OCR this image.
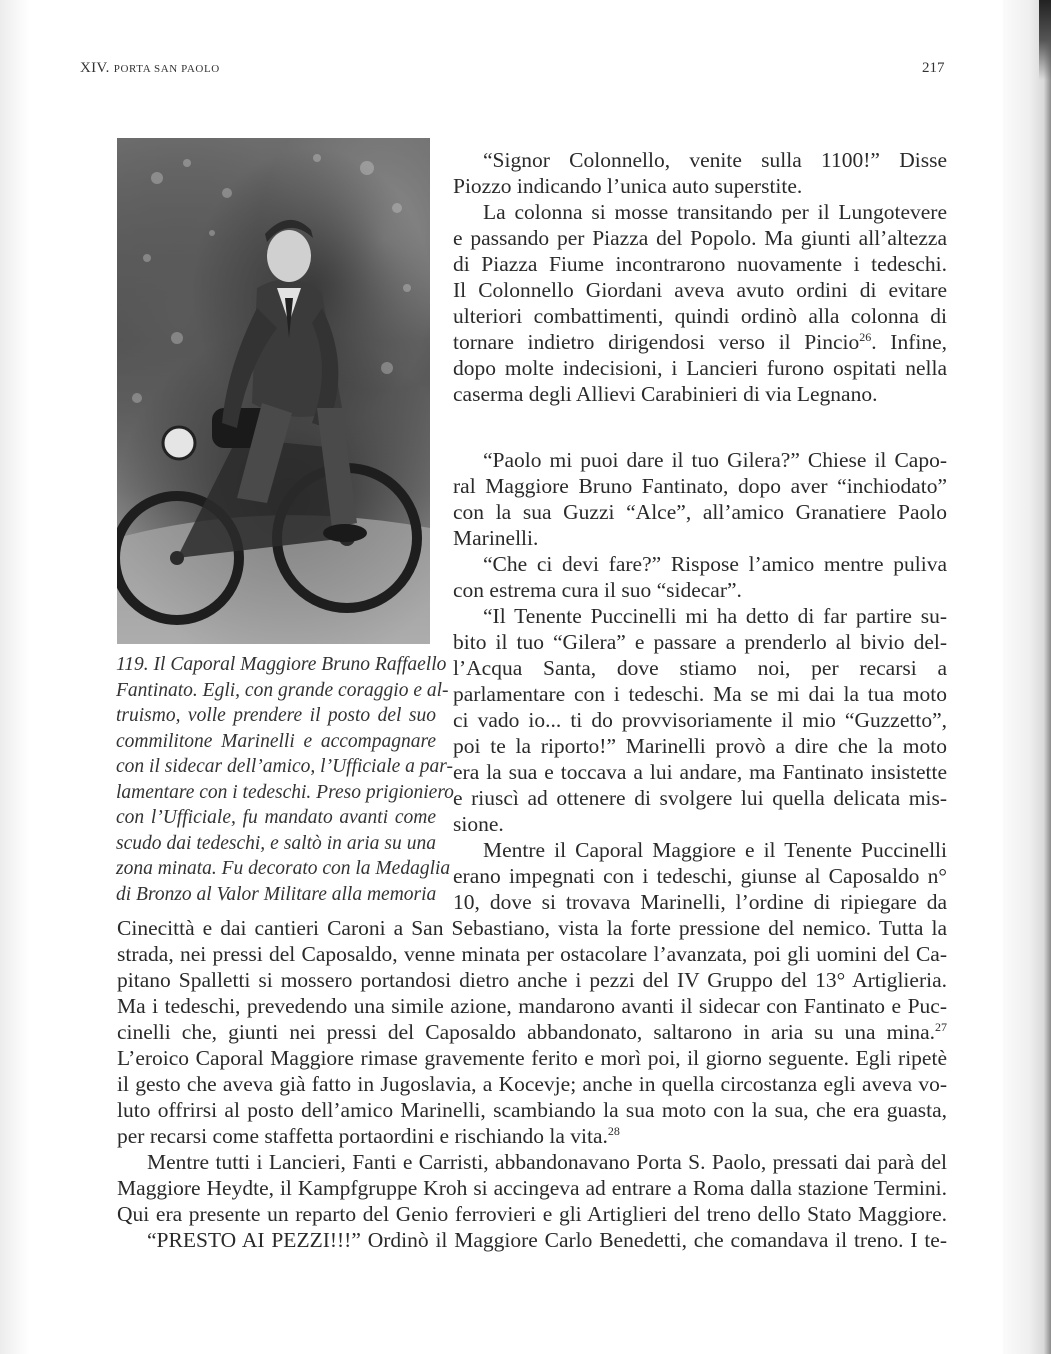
XIV. PORTA SAN PAOLO	217
119. Il Caporal Maggiore Bruno Raffaello
Fantinato. Egli, con grande coraggio e al-
truismo, volle prendere il posto del suo
commilitone Marinelli e accompagnare
con il sidecar dell’amico, l’Ufficiale a par-
lamentare con i tedeschi. Preso prigioniero
con l’Ufficiale, fu mandato avanti come
scudo dai tedeschi, e saltò in aria su una
zona minata. Fu decorato con la Medaglia
di Bronzo al Valor Militare alla memoria
“Signor Colonnello, venite sulla 1100!” Disse
Piozzo indicando l’unica auto superstite.
La colonna si mosse transitando per il Lungotevere
e passando per Piazza del Popolo. Ma giunti all’altezza
di Piazza Fiume incontrarono nuovamente i tedeschi.
Il Colonnello Giordani aveva avuto ordini di evitare
ulteriori combattimenti, quindi ordinò alla colonna di
tornare indietro dirigendosi verso il Pincio$^{26}$. Infine,
dopo molte indecisioni, i Lancieri furono ospitati nella
caserma degli Allievi Carabinieri di via Legnano.
“Paolo mi puoi dare il tuo Gilera?” Chiese il Capo-
ral Maggiore Bruno Fantinato, dopo aver “inchiodato”
con la sua Guzzi “Alce”, all’amico Granatiere Paolo
Marinelli.
“Che ci devi fare?” Rispose l’amico mentre puliva
con estrema cura il suo “sidecar”.
“Il Tenente Puccinelli mi ha detto di far partire su-
bito il tuo “Gilera” e passare a prenderlo al bivio del-
l’Acqua Santa, dove stiamo noi, per recarsi a
parlamentare con i tedeschi. Ma se mi dai la tua moto
ci vado io... ti do provvisoriamente il mio “Guzzetto”,
poi te la riporto!” Marinelli provò a dire che la moto
era la sua e toccava a lui andare, ma Fantinato insistette
e riuscì ad ottenere di svolgere lui quella delicata mis-
sione.
Mentre il Caporal Maggiore e il Tenente Puccinelli
erano impegnati con i tedeschi, giunse al Caposaldo n°
10, dove si trovava Marinelli, l’ordine di ripiegare da
Cinecittà e dai cantieri Caroni a San Sebastiano, vista la forte pressione del nemico. Tutta la
strada, nei pressi del Caposaldo, venne minata per ostacolare l’avanzata, poi gli uomini del Ca-
pitano Spalletti si mossero portandosi dietro anche i pezzi del IV Gruppo del 13° Artiglieria.
Ma i tedeschi, prevedendo una simile azione, mandarono avanti il sidecar con Fantinato e Puc-
cinelli che, giunti nei pressi del Caposaldo abbandonato, saltarono in aria su una mina.$^{27}$
L’eroico Caporal Maggiore rimase gravemente ferito e morì poi, il giorno seguente. Egli ripetè
il gesto che aveva già fatto in Jugoslavia, a Kocevje; anche in quella circostanza egli aveva vo-
luto offrirsi al posto dell’amico Marinelli, scambiando la sua moto con la sua, che era guasta,
per recarsi come staffetta portaordini e rischiando la vita.$^{28}$
Mentre tutti i Lancieri, Fanti e Carristi, abbandonavano Porta S. Paolo, pressati dai parà del
Maggiore Heydte, il Kampfgruppe Kroh si accingeva ad entrare a Roma dalla stazione Termini.
Qui era presente un reparto del Genio ferrovieri e gli Artiglieri del treno dello Stato Maggiore.
“PRESTO AI PEZZI!!!” Ordinò il Maggiore Carlo Benedetti, che comandava il treno. I te-
